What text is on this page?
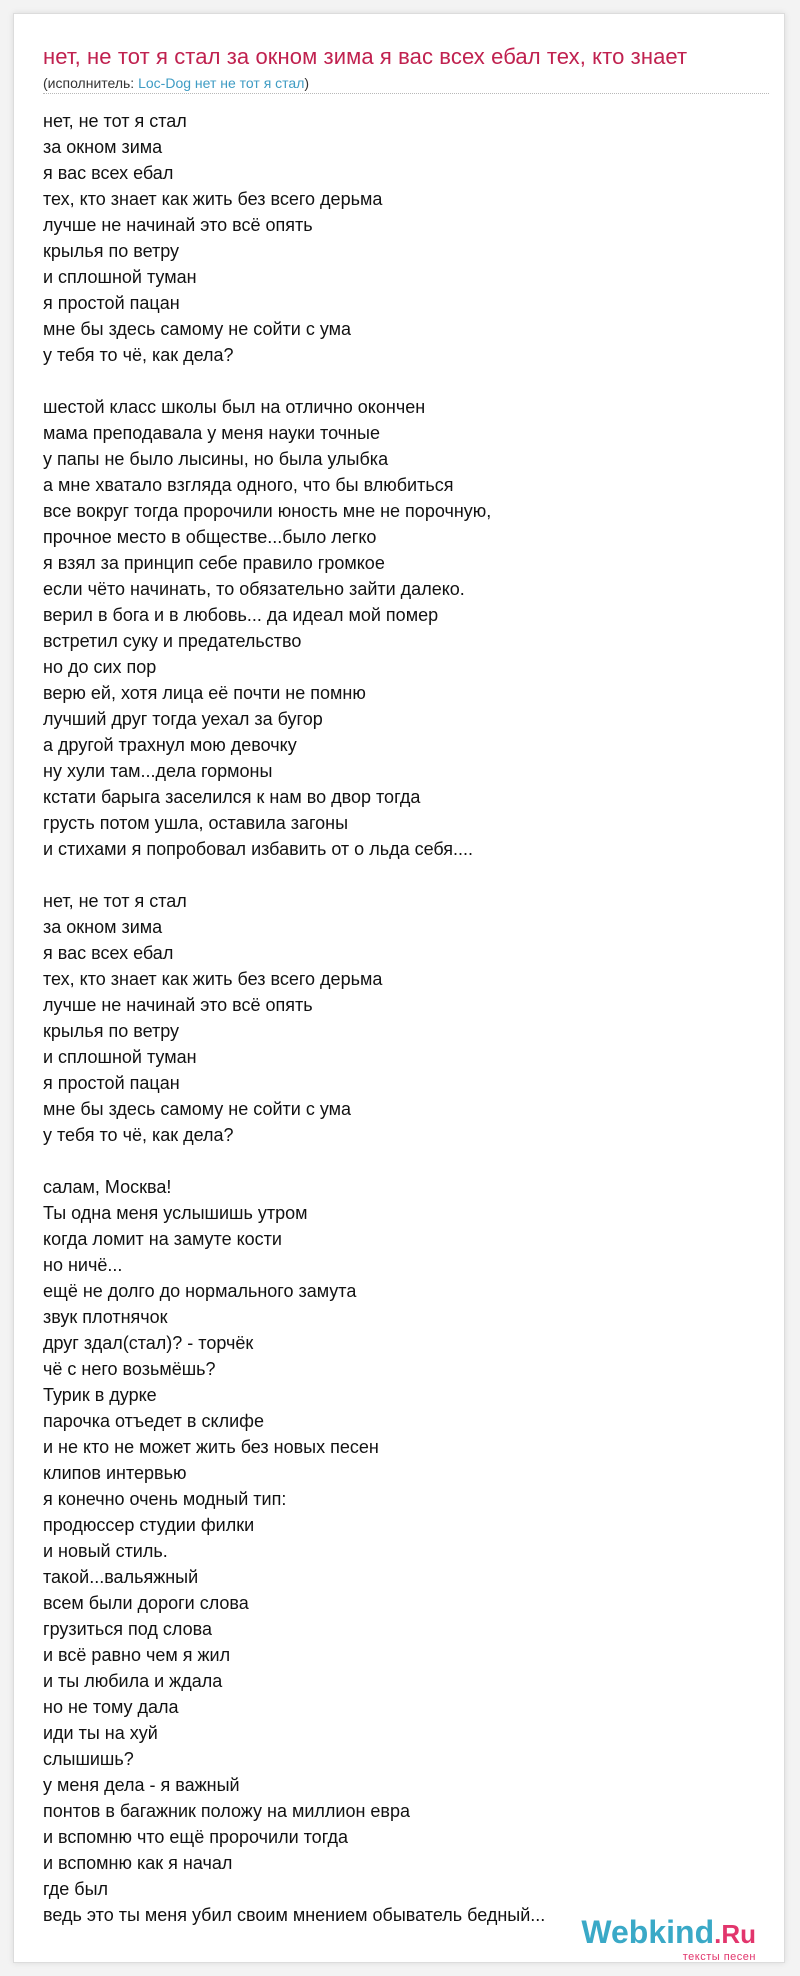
нет, не тот я стал за окном зима я вас всех ебал тех, кто знает
(исполнитель: Loc-Dog нет не тот я стал)
нет, не тот я стал
за окном зима
я вас всех ебал
тех, кто знает как жить без всего дерьма
лучше не начинай это всё опять
крылья по ветру
и сплошной туман
я простой пацан
мне бы здесь самому не сойти с ума
у тебя то чё, как дела?
шестой класс школы был на отлично окончен
мама преподавала у меня науки точные
у папы не было лысины, но была улыбка
а мне хватало взгляда одного, что бы влюбиться
все вокруг тогда пророчили юность мне не порочную,
прочное место в обществе...было легко
я взял за принцип себе правило громкое
если чёто начинать, то обязательно зайти далеко.
верил в бога и в любовь... да идеал мой помер
встретил суку и предательство
но до сих пор
верю ей, хотя лица её почти не помню
лучший друг тогда уехал за бугор
а другой трахнул мою девочку
ну хули там...дела гормоны
кстати барыга заселился к нам во двор тогда
грусть потом ушла, оставила загоны
и стихами я попробовал избавить от о льда себя....
нет, не тот я стал
за окном зима
я вас всех ебал
тех, кто знает как жить без всего дерьма
лучше не начинай это всё опять
крылья по ветру
и сплошной туман
я простой пацан
мне бы здесь самому не сойти с ума
у тебя то чё, как дела?
салам, Москва!
Ты одна меня услышишь утром
когда ломит на замуте кости
но ничё...
ещё не долго до нормального замута
звук плотнячок
друг здал(стал)? - торчёк
чё с него возьмёшь?
Турик в дурке
парочка отъедет в склифе
и не кто не может жить без новых песен
клипов интервью
я конечно очень модный тип:
продюссер студии филки
и новый стиль.
такой...вальяжный
всем были дороги слова
грузиться под слова
и всё равно чем я жил
и ты любила и ждала
но не тому дала
иди ты на хуй
слышишь?
у меня дела - я важный
понтов в багажник положу на миллион евра
и вспомню что ещё пророчили тогда
и вспомню как я начал
где был
ведь это ты меня убил своим мнением обыватель бедный...	Webkind.Ru
тексты песен
